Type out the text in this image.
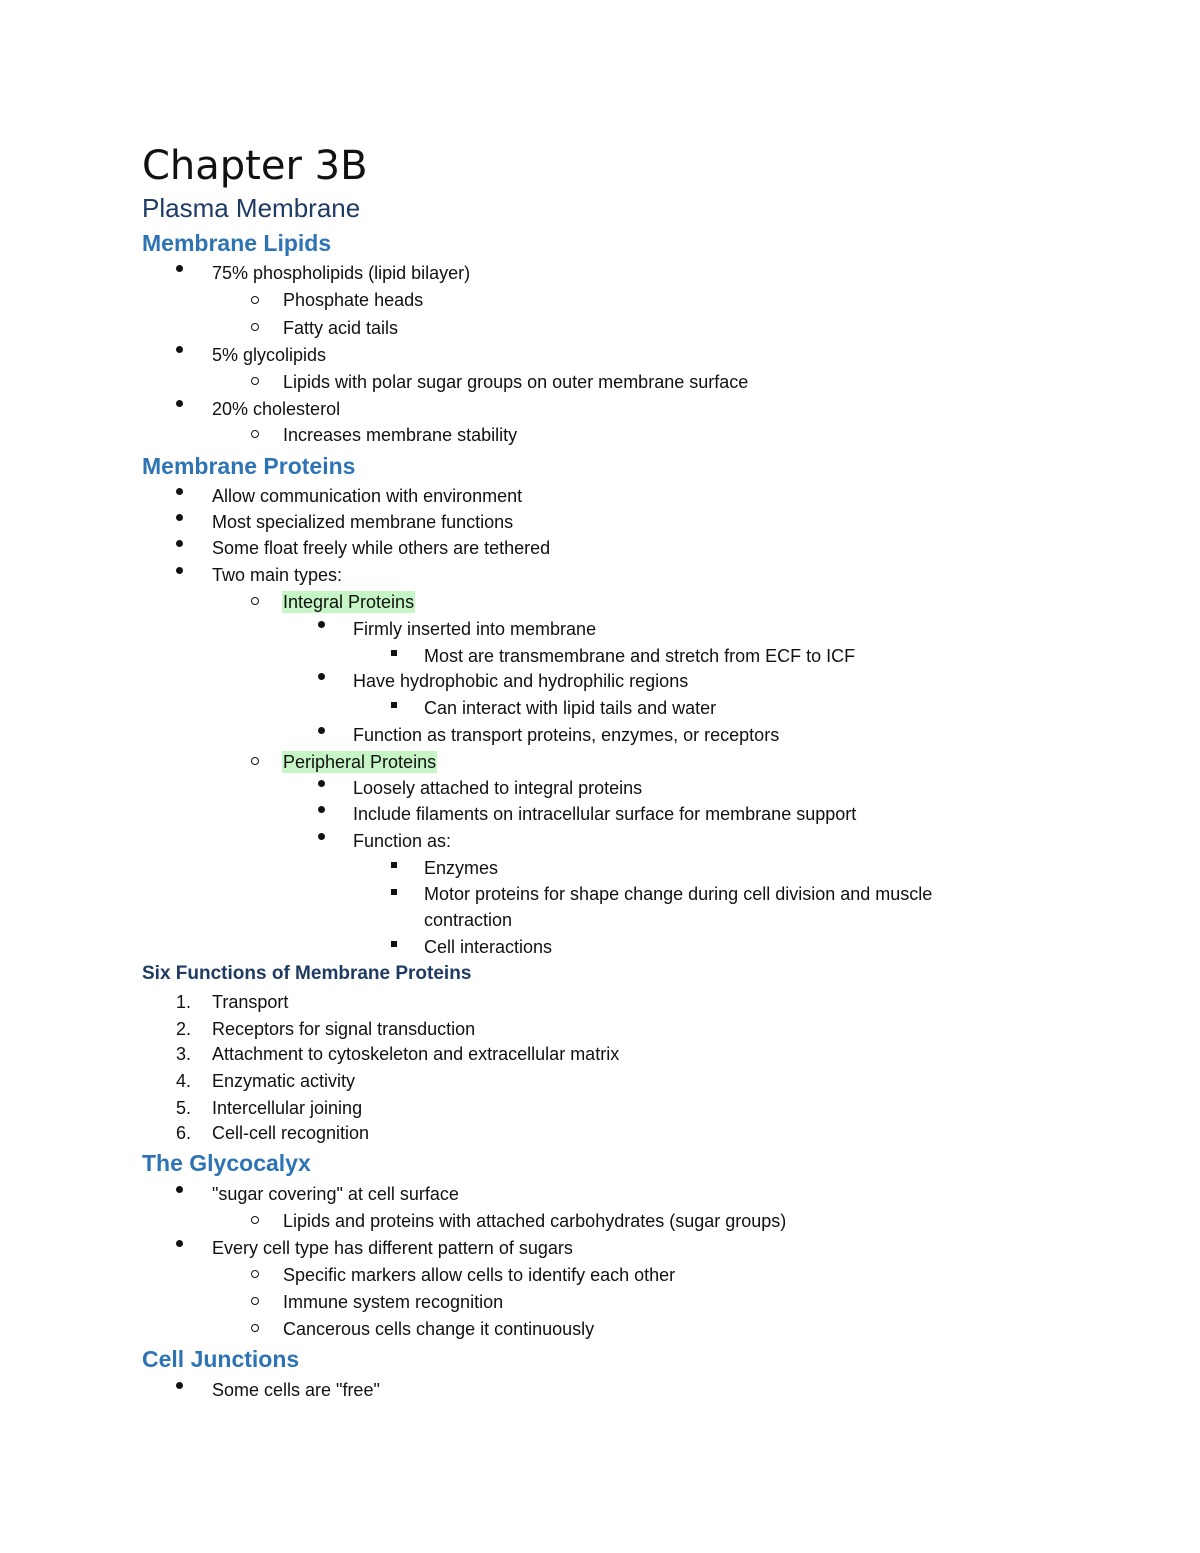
Chapter 3B
Plasma Membrane
Membrane Lipids
75% phospholipids (lipid bilayer)
Phosphate heads
Fatty acid tails
5% glycolipids
Lipids with polar sugar groups on outer membrane surface
20% cholesterol
Increases membrane stability
Membrane Proteins
Allow communication with environment
Most specialized membrane functions
Some float freely while others are tethered
Two main types:
Integral Proteins
Firmly inserted into membrane
Most are transmembrane and stretch from ECF to ICF
Have hydrophobic and hydrophilic regions
Can interact with lipid tails and water
Function as transport proteins, enzymes, or receptors
Peripheral Proteins
Loosely attached to integral proteins
Include filaments on intracellular surface for membrane support
Function as:
Enzymes
Motor proteins for shape change during cell division and muscle
contraction
Cell interactions
Six Functions of Membrane Proteins
1. Transport
2. Receptors for signal transduction
3. Attachment to cytoskeleton and extracellular matrix
4. Enzymatic activity
5. Intercellular joining
6. Cell-cell recognition
The Glycocalyx
"sugar covering" at cell surface
Lipids and proteins with attached carbohydrates (sugar groups)
Every cell type has different pattern of sugars
Specific markers allow cells to identify each other
Immune system recognition
Cancerous cells change it continuously
Cell Junctions
Some cells are "free"
